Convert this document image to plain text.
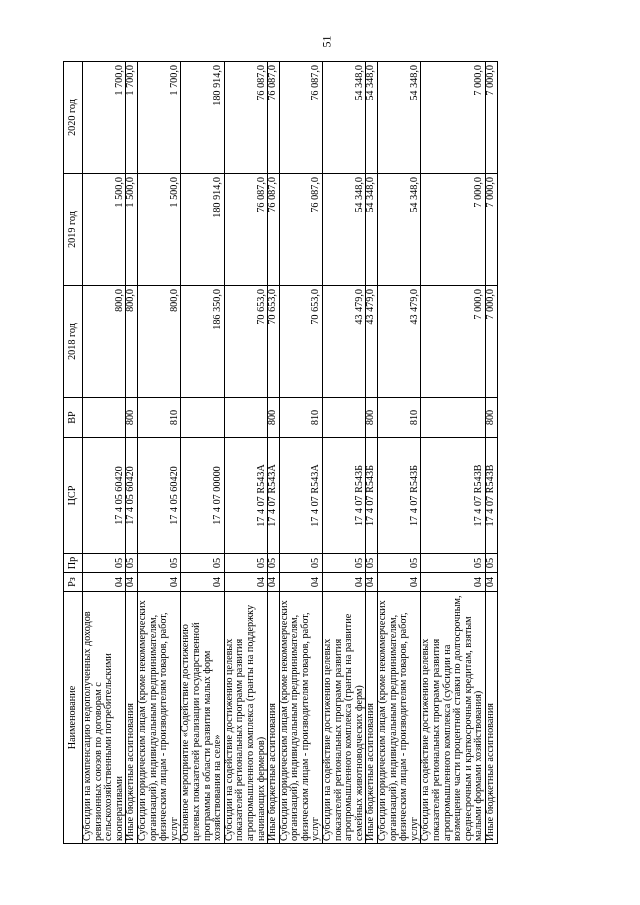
51
Наименование	Рз	Пр	ЦСР	ВР	2018 год	2019 год	2020 год
Субсидии на компенсацию недополученных доходов ревизионных союзов по договорам с сельскохозяйственными потребительскими кооперативами	04	05	17 4 05 60420		800,0	1 500,0	1 700,0
Иные бюджетные ассигнования	04	05	17 4 05 60420	800	800,0	1 500,0	1 700,0
Субсидии юридическим лицам (кроме некоммерческих организаций), индивидуальным предпринимателям, физическим лицам - производителям товаров, работ, услуг	04	05	17 4 05 60420	810	800,0	1 500,0	1 700,0
Основное мероприятие «Содействие достижению целевых показателей реализации государственной программы в области развития малых форм хозяйствования на селе»	04	05	17 4 07 00000		186 350,0	180 914,0	180 914,0
Субсидии на содействие достижению целевых показателей региональных программ развития агропромышленного комплекса (гранты на поддержку начинающих фермеров)	04	05	17 4 07 R543А		70 653,0	76 087,0	76 087,0
Иные бюджетные ассигнования	04	05	17 4 07 R543А	800	70 653,0	76 087,0	76 087,0
Субсидии юридическим лицам (кроме некоммерческих организаций), индивидуальным предпринимателям, физическим лицам - производителям товаров, работ, услуг	04	05	17 4 07 R543А	810	70 653,0	76 087,0	76 087,0
Субсидии на содействие достижению целевых показателей региональных программ развития агропромышленного комплекса (гранты на развитие семейных животноводческих ферм)	04	05	17 4 07 R543Б		43 479,0	54 348,0	54 348,0
Иные бюджетные ассигнования	04	05	17 4 07 R543Б	800	43 479,0	54 348,0	54 348,0
Субсидии юридическим лицам (кроме некоммерческих организаций), индивидуальным предпринимателям, физическим лицам - производителям товаров, работ, услуг	04	05	17 4 07 R543Б	810	43 479,0	54 348,0	54 348,0
Субсидии на содействие достижению целевых показателей региональных программ развития агропромышленного комплекса (субсидии на возмещение части процентной ставки по долгосрочным, среднесрочным и краткосрочным кредитам, взятым малыми формами хозяйствования)	04	05	17 4 07 R543В		7 000,0	7 000,0	7 000,0
Иные бюджетные ассигнования	04	05	17 4 07 R543В	800	7 000,0	7 000,0	7 000,0
